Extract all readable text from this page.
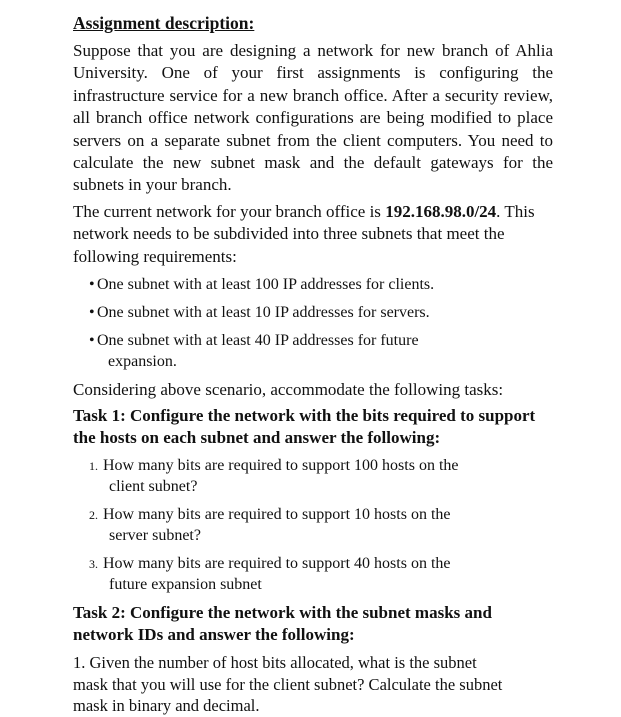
Assignment description:

Suppose that you are designing a network for new branch of Ahlia University. One of your first assignments is configuring the infrastructure service for a new branch office. After a security review, all branch office network configurations are being modified to place servers on a separate subnet from the client computers. You need to calculate the new subnet mask and the default gateways for the subnets in your branch.

The current network for your branch office is 192.168.98.0/24. This network needs to be subdivided into three subnets that meet the following requirements:

• One subnet with at least 100 IP addresses for clients.
• One subnet with at least 10 IP addresses for servers.
• One subnet with at least 40 IP addresses for future
expansion.

Considering above scenario, accommodate the following tasks:

Task 1: Configure the network with the bits required to support the hosts on each subnet and answer the following:
1. How many bits are required to support 100 hosts on the
client subnet?
2. How many bits are required to support 10 hosts on the
server subnet?
3. How many bits are required to support 40 hosts on the
future expansion subnet
Task 2: Configure the network with the subnet masks and network IDs and answer the following:

1. Given the number of host bits allocated, what is the subnet mask that you will use for the client subnet? Calculate the subnet mask in binary and decimal.
